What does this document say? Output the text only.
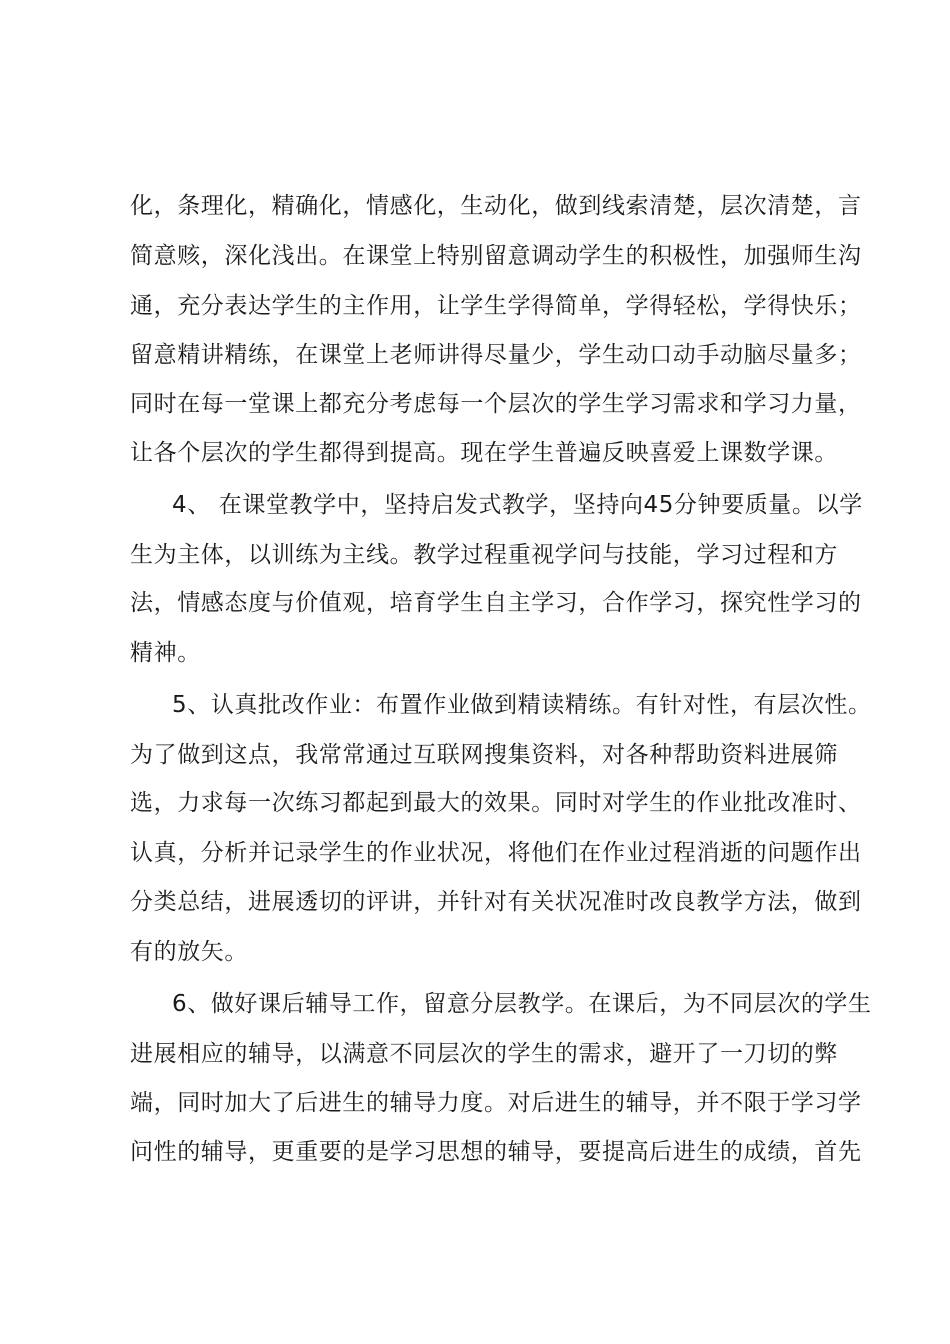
化，条理化，精确化，情感化，生动化，做到线索清楚，层次清楚，言
简意赅，深化浅出。在课堂上特别留意调动学生的积极性，加强师生沟
通，充分表达学生的主作用，让学生学得简单，学得轻松，学得快乐；
留意精讲精练，在课堂上老师讲得尽量少，学生动口动手动脑尽量多；
同时在每一堂课上都充分考虑每一个层次的学生学习需求和学习力量，
让各个层次的学生都得到提高。现在学生普遍反映喜爱上课数学课。
4、 在课堂教学中，坚持启发式教学，坚持向45分钟要质量。以学
生为主体，以训练为主线。教学过程重视学问与技能，学习过程和方
法，情感态度与价值观，培育学生自主学习，合作学习，探究性学习的
精神。
5、认真批改作业：布置作业做到精读精练。有针对性，有层次性。
为了做到这点，我常常通过互联网搜集资料，对各种帮助资料进展筛
选，力求每一次练习都起到最大的效果。同时对学生的作业批改准时、
认真，分析并记录学生的作业状况，将他们在作业过程消逝的问题作出
分类总结，进展透切的评讲，并针对有关状况准时改良教学方法，做到
有的放矢。
6、做好课后辅导工作，留意分层教学。在课后，为不同层次的学生
进展相应的辅导，以满意不同层次的学生的需求，避开了一刀切的弊
端，同时加大了后进生的辅导力度。对后进生的辅导，并不限于学习学
问性的辅导，更重要的是学习思想的辅导，要提高后进生的成绩，首先
